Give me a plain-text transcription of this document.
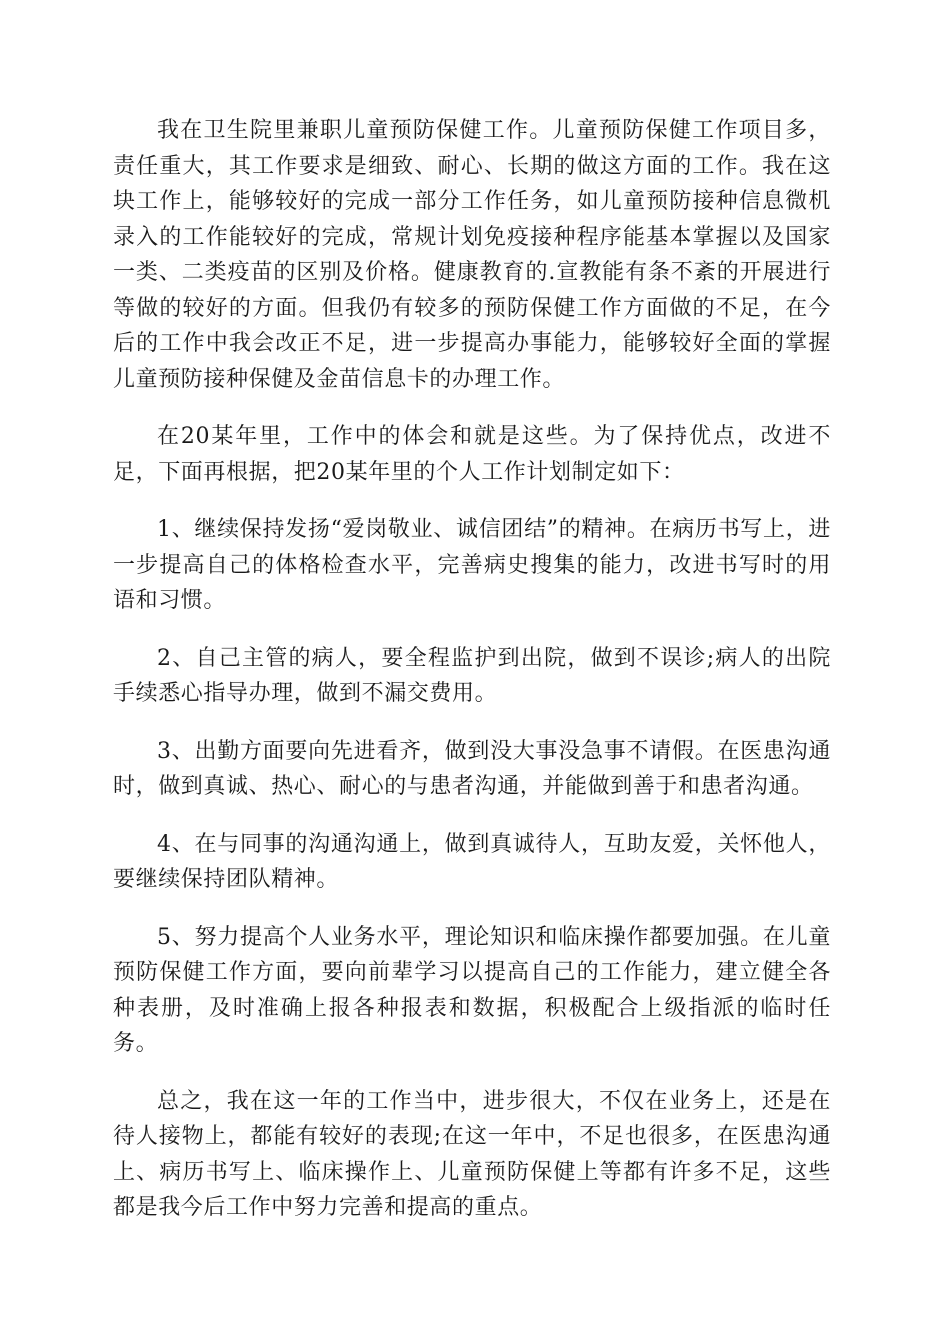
我在卫生院里兼职儿童预防保健工作。儿童预防保健工作项目多，责任重大，其工作要求是细致、耐心、长期的做这方面的工作。我在这块工作上，能够较好的完成一部分工作任务，如儿童预防接种信息微机录入的工作能较好的完成，常规计划免疫接种程序能基本掌握以及国家一类、二类疫苗的区别及价格。健康教育的.宣教能有条不紊的开展进行等做的较好的方面。但我仍有较多的预防保健工作方面做的不足，在今后的工作中我会改正不足，进一步提高办事能力，能够较好全面的掌握儿童预防接种保健及金苗信息卡的办理工作。

在20某年里，工作中的体会和就是这些。为了保持优点，改进不足，下面再根据，把20某年里的个人工作计划制定如下：

1、继续保持发扬“爱岗敬业、诚信团结”的精神。在病历书写上，进一步提高自己的体格检查水平，完善病史搜集的能力，改进书写时的用语和习惯。

2、自己主管的病人，要全程监护到出院，做到不误诊;病人的出院手续悉心指导办理，做到不漏交费用。

3、出勤方面要向先进看齐，做到没大事没急事不请假。在医患沟通时，做到真诚、热心、耐心的与患者沟通，并能做到善于和患者沟通。

4、在与同事的沟通沟通上，做到真诚待人，互助友爱，关怀他人，要继续保持团队精神。

5、努力提高个人业务水平，理论知识和临床操作都要加强。在儿童预防保健工作方面，要向前辈学习以提高自己的工作能力，建立健全各种表册，及时准确上报各种报表和数据，积极配合上级指派的临时任务。

总之，我在这一年的工作当中，进步很大，不仅在业务上，还是在待人接物上，都能有较好的表现;在这一年中，不足也很多，在医患沟通上、病历书写上、临床操作上、儿童预防保健上等都有许多不足，这些都是我今后工作中努力完善和提高的重点。
